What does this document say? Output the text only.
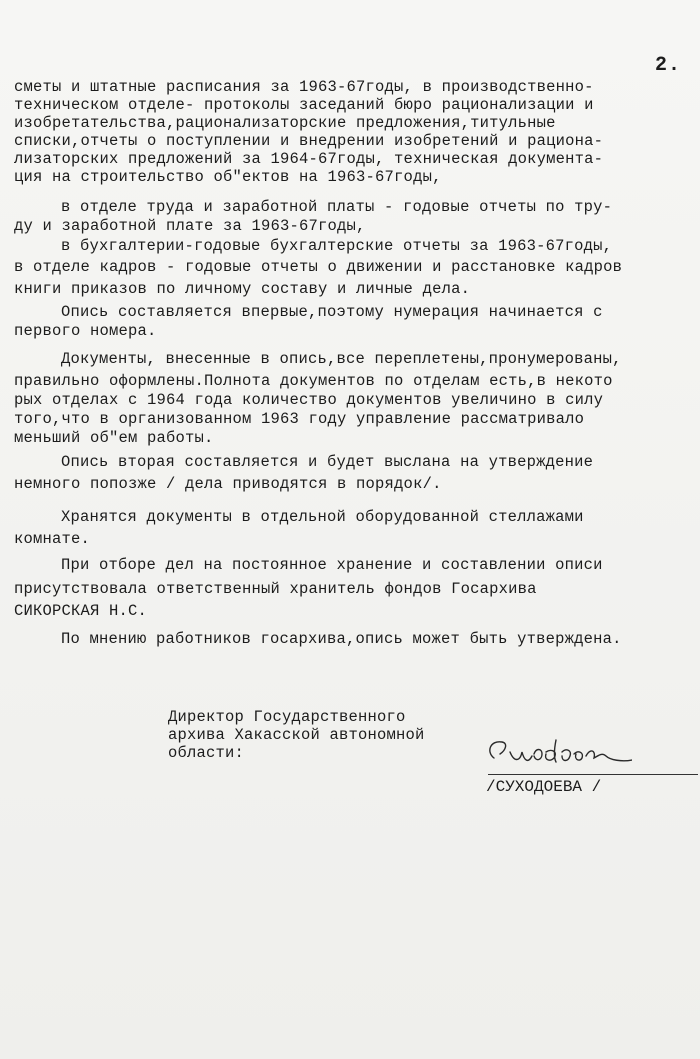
2.
сметы и штатные расписания за 1963-67годы, в производственно-
техническом отделе- протоколы заседаний бюро рационализации и
изобретательства,рационализаторские предложения,титульные
списки,отчеты о поступлении и внедрении изобретений и рациона-
лизаторских предложений за 1964-67годы, техническая документа-
ция на строительство об"ектов на 1963-67годы,
в отделе труда и заработной платы - годовые отчеты по тру-
ду и заработной плате за 1963-67годы,
в бухгалтерии-годовые бухгалтерские отчеты за 1963-67годы,
в отделе кадров - годовые отчеты о движении и расстановке кадров
книги приказов по личному составу и личные дела.
Опись составляется впервые,поэтому нумерация начинается с
первого номера.
Документы, внесенные в опись,все переплетены,пронумерованы,
правильно оформлены.Полнота документов по отделам есть,в некото
рых отделах с 1964 года количество документов увеличино в силу
того,что в организованном 1963 году управление рассматривало
меньший об"ем работы.
Опись вторая составляется и будет выслана на утверждение
немного попозже / дела приводятся в порядок/.
Хранятся документы в отдельной оборудованной стеллажами
комнате.
При отборе дел на постоянное хранение и составлении описи
присутствовала ответственный хранитель фондов Госархива
СИКОРСКАЯ Н.С.
По мнению работников госархива,опись может быть утверждена.
Директор Государственного
архива Хакасской автономной
области:
/СУХОДОЕВА /
